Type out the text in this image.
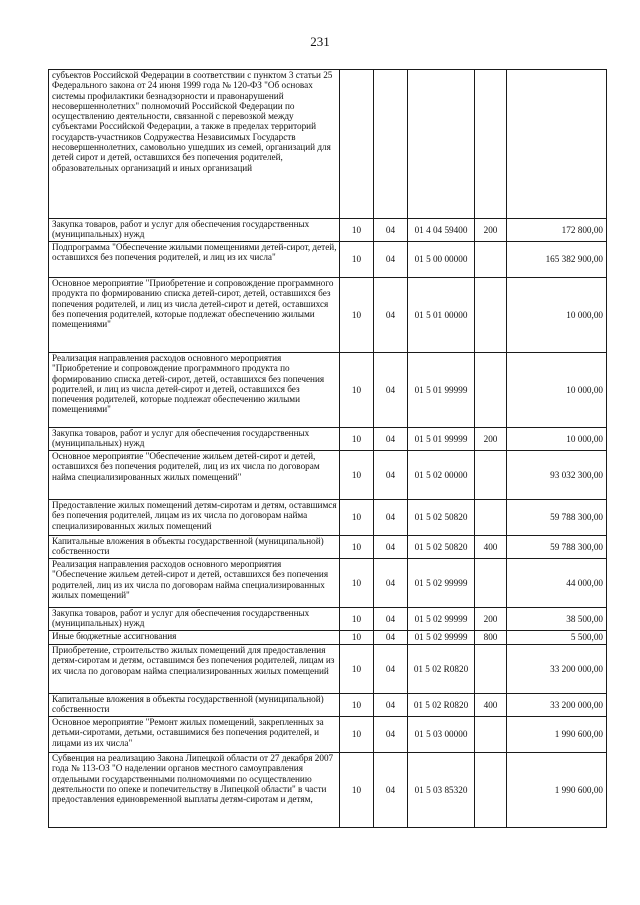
231
субъектов Российской Федерации в соответствии с пунктом 3 статьи 25 Федерального закона от 24 июня 1999 года № 120-ФЗ "Об основах системы профилактики безнадзорности и правонарушений несовершеннолетних" полномочий Российской Федерации по осуществлению деятельности, связанной с перевозкой между субъектами Российской Федерации, а также в пределах территорий государств-участников Содружества Независимых Государств несовершеннолетних, самовольно ушедших из семей, организаций для детей сирот и детей, оставшихся без попечения родителей, образовательных организаций и иных организаций					
Закупка товаров, работ и услуг для обеспечения государственных (муниципальных) нужд	10	04	01 4 04 59400	200	172 800,00
Подпрограмма "Обеспечение жилыми помещениями детей-сирот, детей, оставшихся без попечения родителей, и лиц из их числа"	10	04	01 5 00 00000		165 382 900,00
Основное мероприятие "Приобретение и сопровождение программного продукта по формированию списка детей-сирот, детей, оставшихся без попечения родителей, и лиц из числа детей-сирот и детей, оставшихся без попечения родителей, которые подлежат обеспечению жилыми помещениями"	10	04	01 5 01 00000		10 000,00
Реализация направления расходов основного мероприятия "Приобретение и сопровождение программного продукта по формированию списка детей-сирот, детей, оставшихся без попечения родителей, и лиц из числа детей-сирот и детей, оставшихся без попечения родителей, которые подлежат обеспечению жилыми помещениями"	10	04	01 5 01 99999		10 000,00
Закупка товаров, работ и услуг для обеспечения государственных (муниципальных) нужд	10	04	01 5 01 99999	200	10 000,00
Основное мероприятие "Обеспечение жильем детей-сирот и детей, оставшихся без попечения родителей, лиц из их числа по договорам найма специализированных жилых помещений"	10	04	01 5 02 00000		93 032 300,00
Предоставление жилых помещений детям-сиротам и детям, оставшимся без попечения родителей, лицам из их числа по договорам найма специализированных жилых помещений	10	04	01 5 02 50820		59 788 300,00
Капитальные вложения в объекты государственной (муниципальной) собственности	10	04	01 5 02 50820	400	59 788 300,00
Реализация направления расходов основного мероприятия "Обеспечение жильем детей-сирот и детей, оставшихся без попечения родителей, лиц из их числа по договорам найма специализированных жилых помещений"	10	04	01 5 02 99999		44 000,00
Закупка товаров, работ и услуг для обеспечения государственных (муниципальных) нужд	10	04	01 5 02 99999	200	38 500,00
Иные бюджетные ассигнования	10	04	01 5 02 99999	800	5 500,00
Приобретение, строительство жилых помещений для предоставления детям-сиротам и детям, оставшимся без попечения родителей, лицам из их числа по договорам найма специализированных жилых помещений	10	04	01 5 02 R0820		33 200 000,00
Капитальные вложения в объекты государственной (муниципальной) собственности	10	04	01 5 02 R0820	400	33 200 000,00
Основное мероприятие "Ремонт жилых помещений, закрепленных за детьми-сиротами, детьми, оставшимися без попечения родителей, и лицами из их числа"	10	04	01 5 03 00000		1 990 600,00
Субвенция на реализацию Закона Липецкой области от 27 декабря 2007 года № 113-ОЗ "О наделении органов местного самоуправления отдельными государственными полномочиями по осуществлению деятельности по опеке и попечительству в Липецкой области" в части предоставления единовременной выплаты детям-сиротам и детям,	10	04	01 5 03 85320		1 990 600,00
